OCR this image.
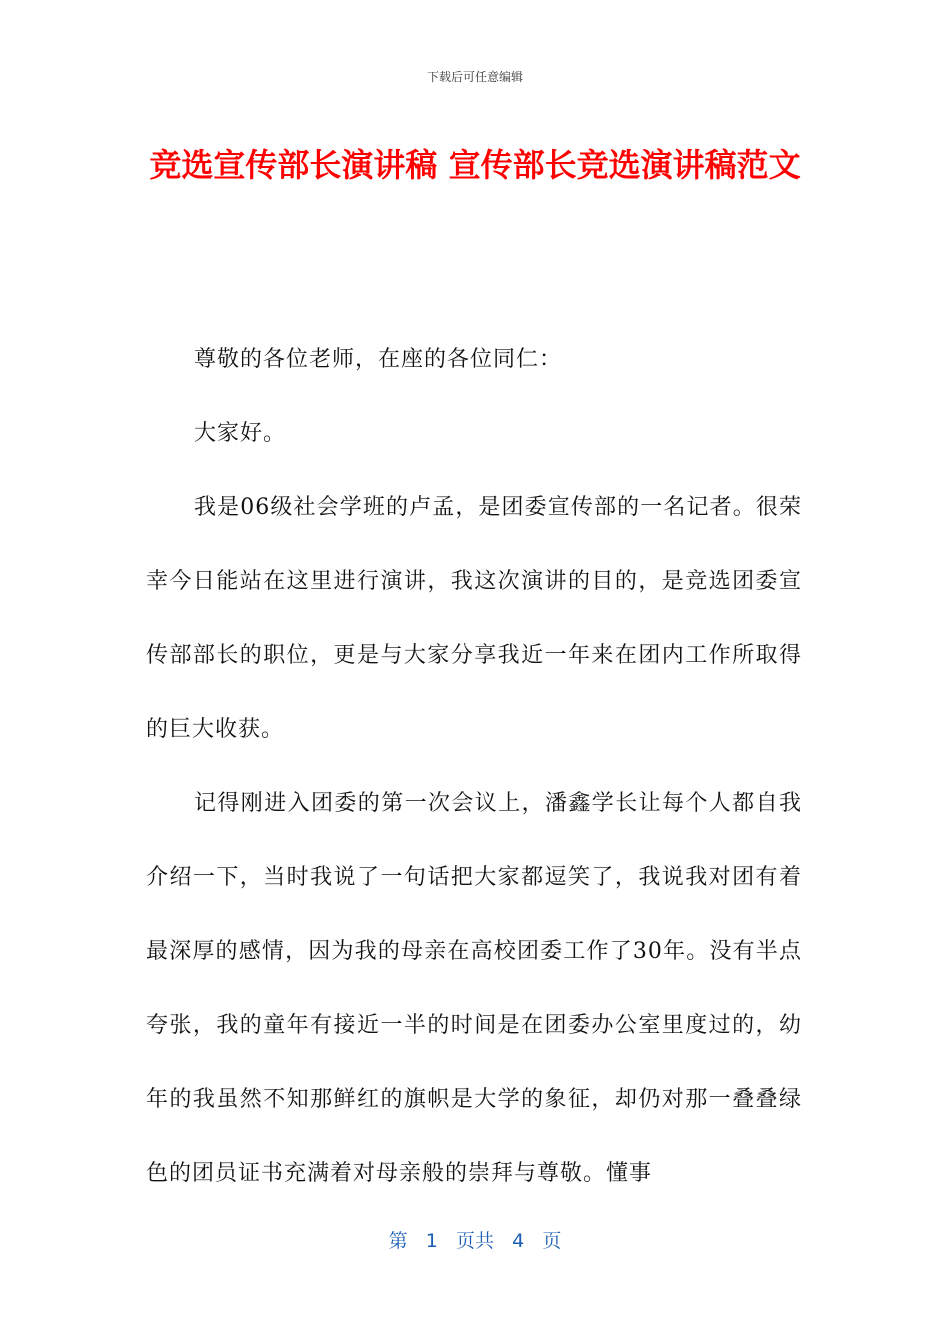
下载后可任意编辑
竞选宣传部长演讲稿 宣传部长竞选演讲稿范文

尊敬的各位老师，在座的各位同仁：

大家好。

我是06级社会学班的卢孟，是团委宣传部的一名记者。很荣幸今日能站在这里进行演讲，我这次演讲的目的，是竞选团委宣传部部长的职位，更是与大家分享我近一年来在团内工作所取得的巨大收获。

记得刚进入团委的第一次会议上，潘鑫学长让每个人都自我介绍一下，当时我说了一句话把大家都逗笑了，我说我对团有着最深厚的感情，因为我的母亲在高校团委工作了30年。没有半点夸张，我的童年有接近一半的时间是在团委办公室里度过的，幼年的我虽然不知那鲜红的旗帜是大学的象征，却仍对那一叠叠绿色的团员证书充满着对母亲般的崇拜与尊敬。懂事

第 1 页共 4 页
